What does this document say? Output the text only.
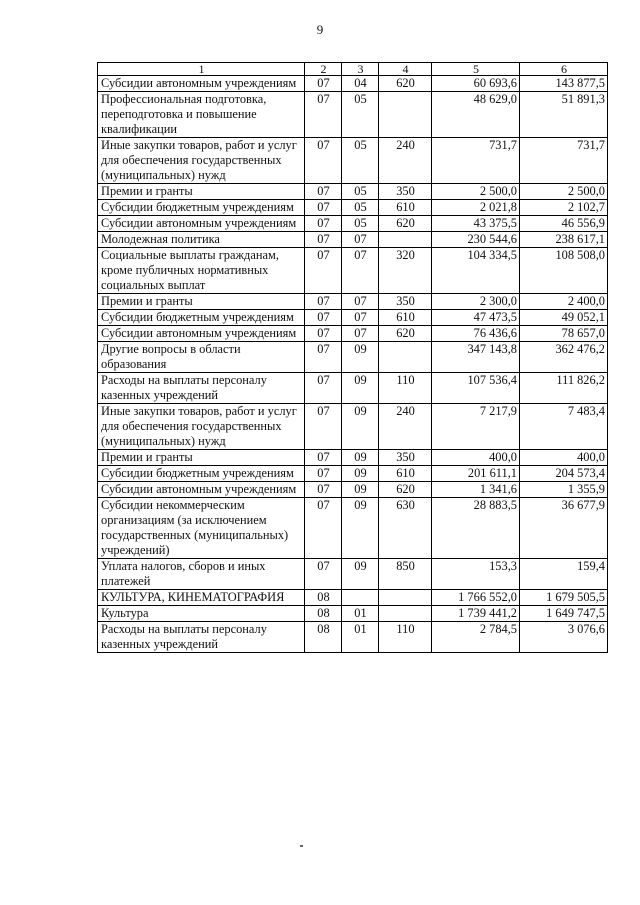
9
1	2	3	4	5	6
Субсидии автономным учреждениям	07	04	620	60 693,6	143 877,5
Профессиональная подготовка, переподготовка и повышение квалификации	07	05		48 629,0	51 891,3
Иные закупки товаров, работ и услуг для обеспечения государственных (муниципальных) нужд	07	05	240	731,7	731,7
Премии и гранты	07	05	350	2 500,0	2 500,0
Субсидии бюджетным учреждениям	07	05	610	2 021,8	2 102,7
Субсидии автономным учреждениям	07	05	620	43 375,5	46 556,9
Молодежная политика	07	07		230 544,6	238 617,1
Социальные выплаты гражданам, кроме публичных нормативных социальных выплат	07	07	320	104 334,5	108 508,0
Премии и гранты	07	07	350	2 300,0	2 400,0
Субсидии бюджетным учреждениям	07	07	610	47 473,5	49 052,1
Субсидии автономным учреждениям	07	07	620	76 436,6	78 657,0
Другие вопросы в области образования	07	09		347 143,8	362 476,2
Расходы на выплаты персоналу казенных учреждений	07	09	110	107 536,4	111 826,2
Иные закупки товаров, работ и услуг для обеспечения государственных (муниципальных) нужд	07	09	240	7 217,9	7 483,4
Премии и гранты	07	09	350	400,0	400,0
Субсидии бюджетным учреждениям	07	09	610	201 611,1	204 573,4
Субсидии автономным учреждениям	07	09	620	1 341,6	1 355,9
Субсидии некоммерческим организациям (за исключением государственных (муниципальных) учреждений)	07	09	630	28 883,5	36 677,9
Уплата налогов, сборов и иных платежей	07	09	850	153,3	159,4
КУЛЬТУРА, КИНЕМАТОГРАФИЯ	08			1 766 552,0	1 679 505,5
Культура	08	01		1 739 441,2	1 649 747,5
Расходы на выплаты персоналу казенных учреждений	08	01	110	2 784,5	3 076,6
